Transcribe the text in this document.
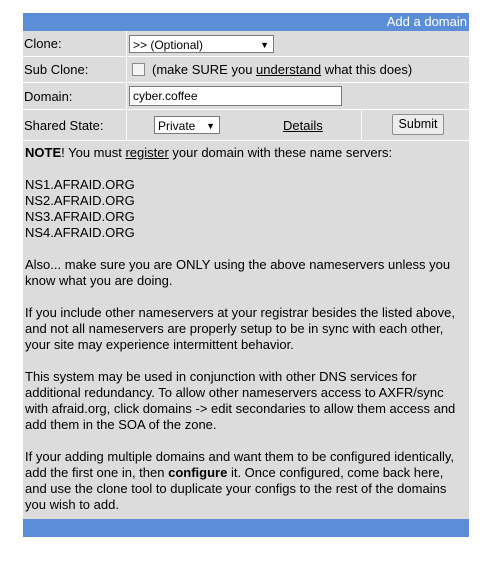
Add a domain
Clone:	>> (Optional)	▼
Sub Clone:	(make SURE you understand what this does)
Domain:	cyber.coffee
Shared State:	Private ▼	Details	Submit

NOTE! You must register your domain with these name servers:

NS1.AFRAID.ORG
NS2.AFRAID.ORG
NS3.AFRAID.ORG
NS4.AFRAID.ORG

Also... make sure you are ONLY using the above nameservers unless you know what you are doing.

If you include other nameservers at your registrar besides the listed above, and not all nameservers are properly setup to be in sync with each other, your site may experience intermittent behavior.

This system may be used in conjunction with other DNS services for additional redundancy. To allow other nameservers access to AXFR/sync with afraid.org, click domains -> edit secondaries to allow them access and add them in the SOA of the zone.

If your adding multiple domains and want them to be configured identically, add the first one in, then configure it. Once configured, come back here, and use the clone tool to duplicate your configs to the rest of the domains you wish to add.
